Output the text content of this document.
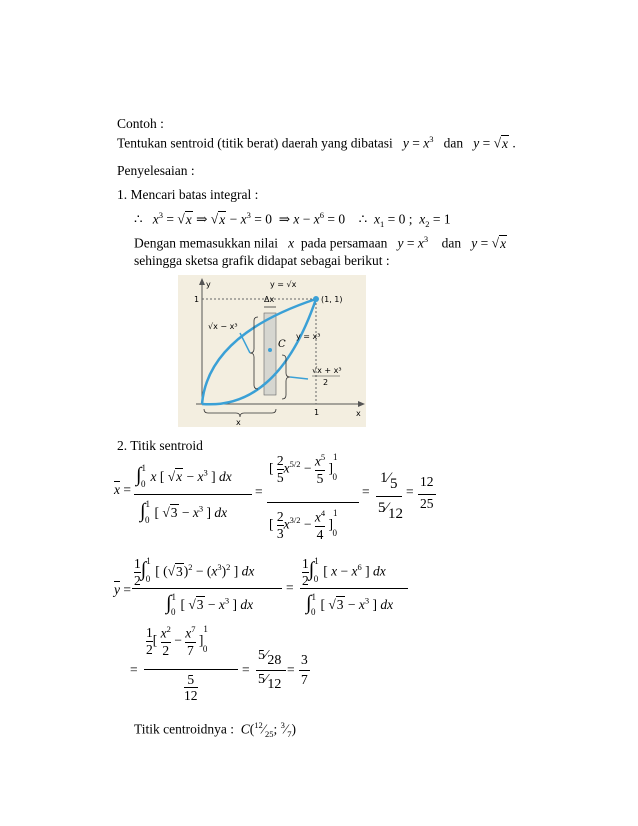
Contoh :
Tentukan sentroid (titik berat) daerah yang dibatasi $y = x^3$ dan y = √x .
Penyelesaian :
1. Mencari batas integral :
∴   $x^3 = √x$ ⇒ $√x - x^3 = 0$  ⇒ $x - x^6 = 0$    ∴  $x_1 = 0$ ;  $x_2 = 1$
Dengan memasukkan nilai x pada persamaan $y = x^3$ dan y = √x
sehingga sketsa grafik didapat sebagai berikut :
y
x
y = √x
(1, 1)
y = x³
Δx
√x − x³
√x + x³
2
C
1
1
x
2. Titik sentroid
$\overline{x}$ =
∫$^1_0$ x [ $√x - x^3$ ] dx
∫$^1_0$ [ $√3 - x^3$ ] dx
=
[ $\frac{2}{5} x^{5/2} - \frac{x^5}{5} ]^1_0$
[ $\frac{2}{3} x^{3/2} - \frac{x^4}{4} ]^1_0$
=
1⁄5
5⁄12
=
12
25
$\overline{y}$ =
$\frac{1}{2} \int^1_0$ [ $(√3)^2 - (x^3)^2$ ] dx
∫$^1_0$ [ $√3 - x^3$ ] dx
= $\frac{1}{2} \int^1_0$ [ $x - x^6$ ] dx
∫$^1_0$ [ $√3 - x^3$ ] dx
=
$\frac{1}{2}$ [ $\frac{x^2}{2} - \frac{x^7}{7} ]^1_0$
5
12
=
5⁄28
5⁄12
=
3
7
Titik centroidnya : $C(^{12}⁄_{25}$; $^3⁄_7$)
